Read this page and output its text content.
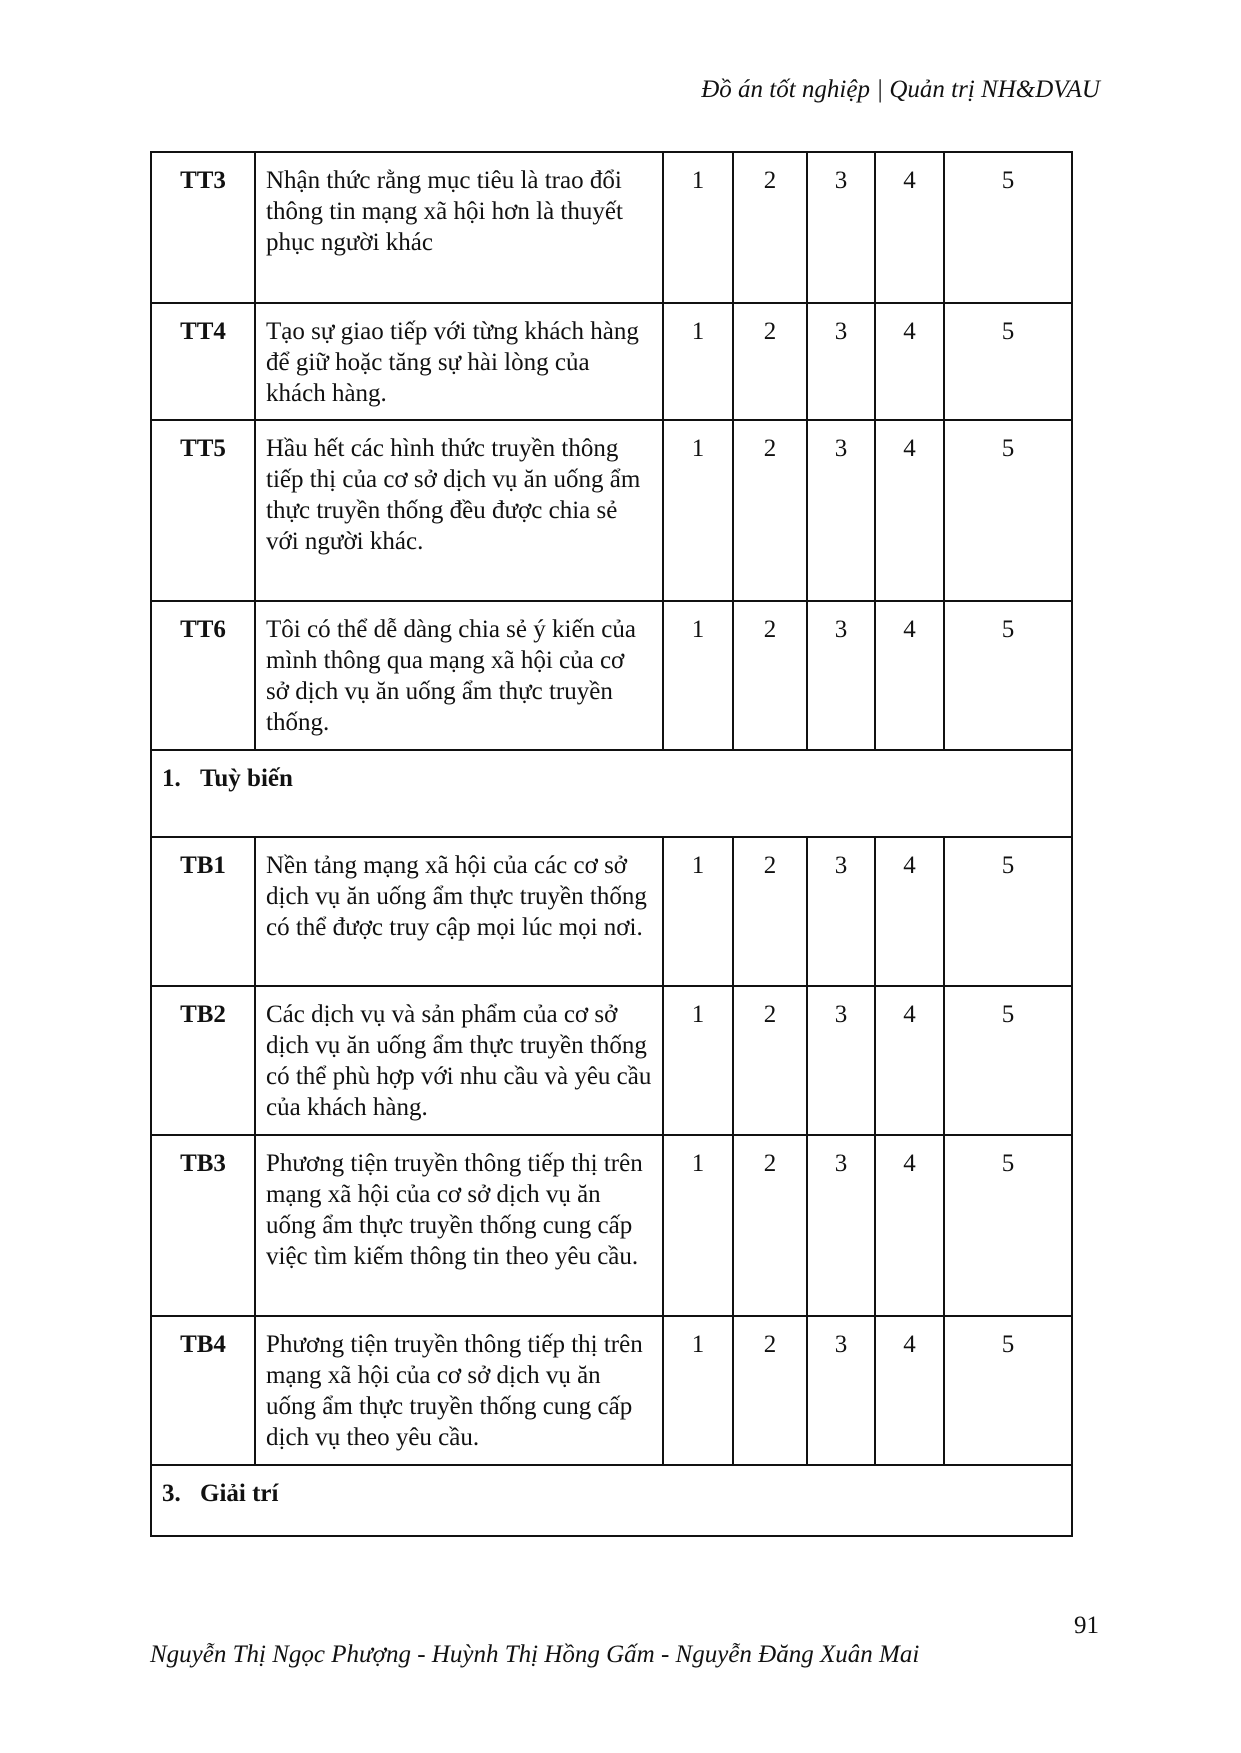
Đồ án tốt nghiệp | Quản trị NH&DVAU
TT3	Nhận thức rằng mục tiêu là trao đổi thông tin mạng xã hội hơn là thuyết phục người khác	1	2	3	4	5
TT4	Tạo sự giao tiếp với từng khách hàng để giữ hoặc tăng sự hài lòng của khách hàng.	1	2	3	4	5
TT5	Hầu hết các hình thức truyền thông tiếp thị của cơ sở dịch vụ ăn uống ẩm thực truyền thống đều được chia sẻ với người khác.	1	2	3	4	5
TT6	Tôi có thể dễ dàng chia sẻ ý kiến của mình thông qua mạng xã hội của cơ sở dịch vụ ăn uống ẩm thực truyền thống.	1	2	3	4	5
1. Tuỳ biến						
TB1	Nền tảng mạng xã hội của các cơ sở dịch vụ ăn uống ẩm thực truyền thống có thể được truy cập mọi lúc mọi nơi.	1	2	3	4	5
TB2	Các dịch vụ và sản phẩm của cơ sở dịch vụ ăn uống ẩm thực truyền thống có thể phù hợp với nhu cầu và yêu cầu của khách hàng.	1	2	3	4	5
TB3	Phương tiện truyền thông tiếp thị trên mạng xã hội của cơ sở dịch vụ ăn uống ẩm thực truyền thống cung cấp việc tìm kiếm thông tin theo yêu cầu.	1	2	3	4	5
TB4	Phương tiện truyền thông tiếp thị trên mạng xã hội của cơ sở dịch vụ ăn uống ẩm thực truyền thống cung cấp dịch vụ theo yêu cầu.	1	2	3	4	5
3. Giải trí						
91
Nguyễn Thị Ngọc Phượng - Huỳnh Thị Hồng Gấm - Nguyễn Đăng Xuân Mai
